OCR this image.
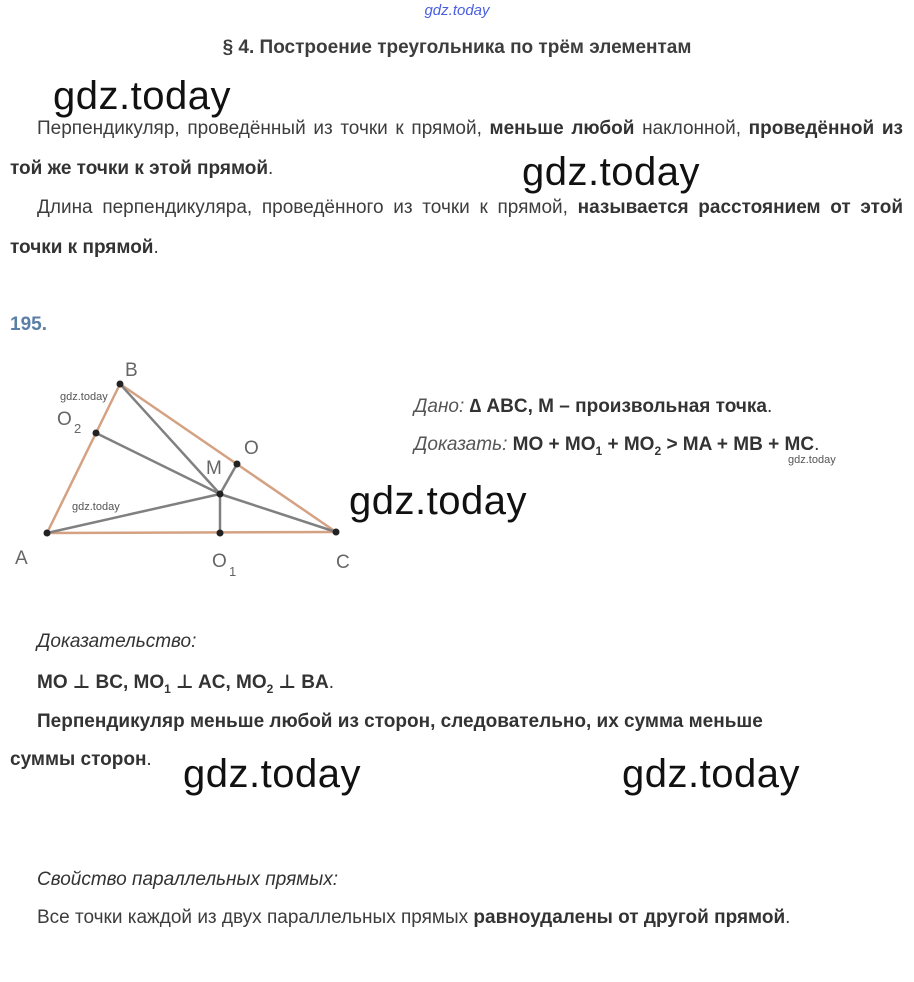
gdz.today
§ 4. Построение треугольника по трём элементам
gdz.today
gdz.today
gdz.today
gdz.today	gdz.today
Перпендикуляр, проведённый из точки к прямой, меньше любой наклонной, проведённой из той же точки к этой прямой.
Длина перпендикуляра, проведённого из точки к прямой, называется расстоянием от этой точки к прямой.
195.
B
A	C
M
O
O 1
O 2
gdz.today
gdz.today
Дано: ∆ ABC, M – произвольная точка.
Доказать: MO + $MO_1 + MO_2$ > MA + MB + MC.
gdz.today
Доказательство:
MO ⊥ BC, $MO_1$ ⊥ AC, $MO_2$ ⊥ BA.
Перпендикуляр меньше любой из сторон, следовательно, их сумма меньше
суммы сторон.
Свойство параллельных прямых:
Все точки каждой из двух параллельных прямых равноудалены от другой прямой.
